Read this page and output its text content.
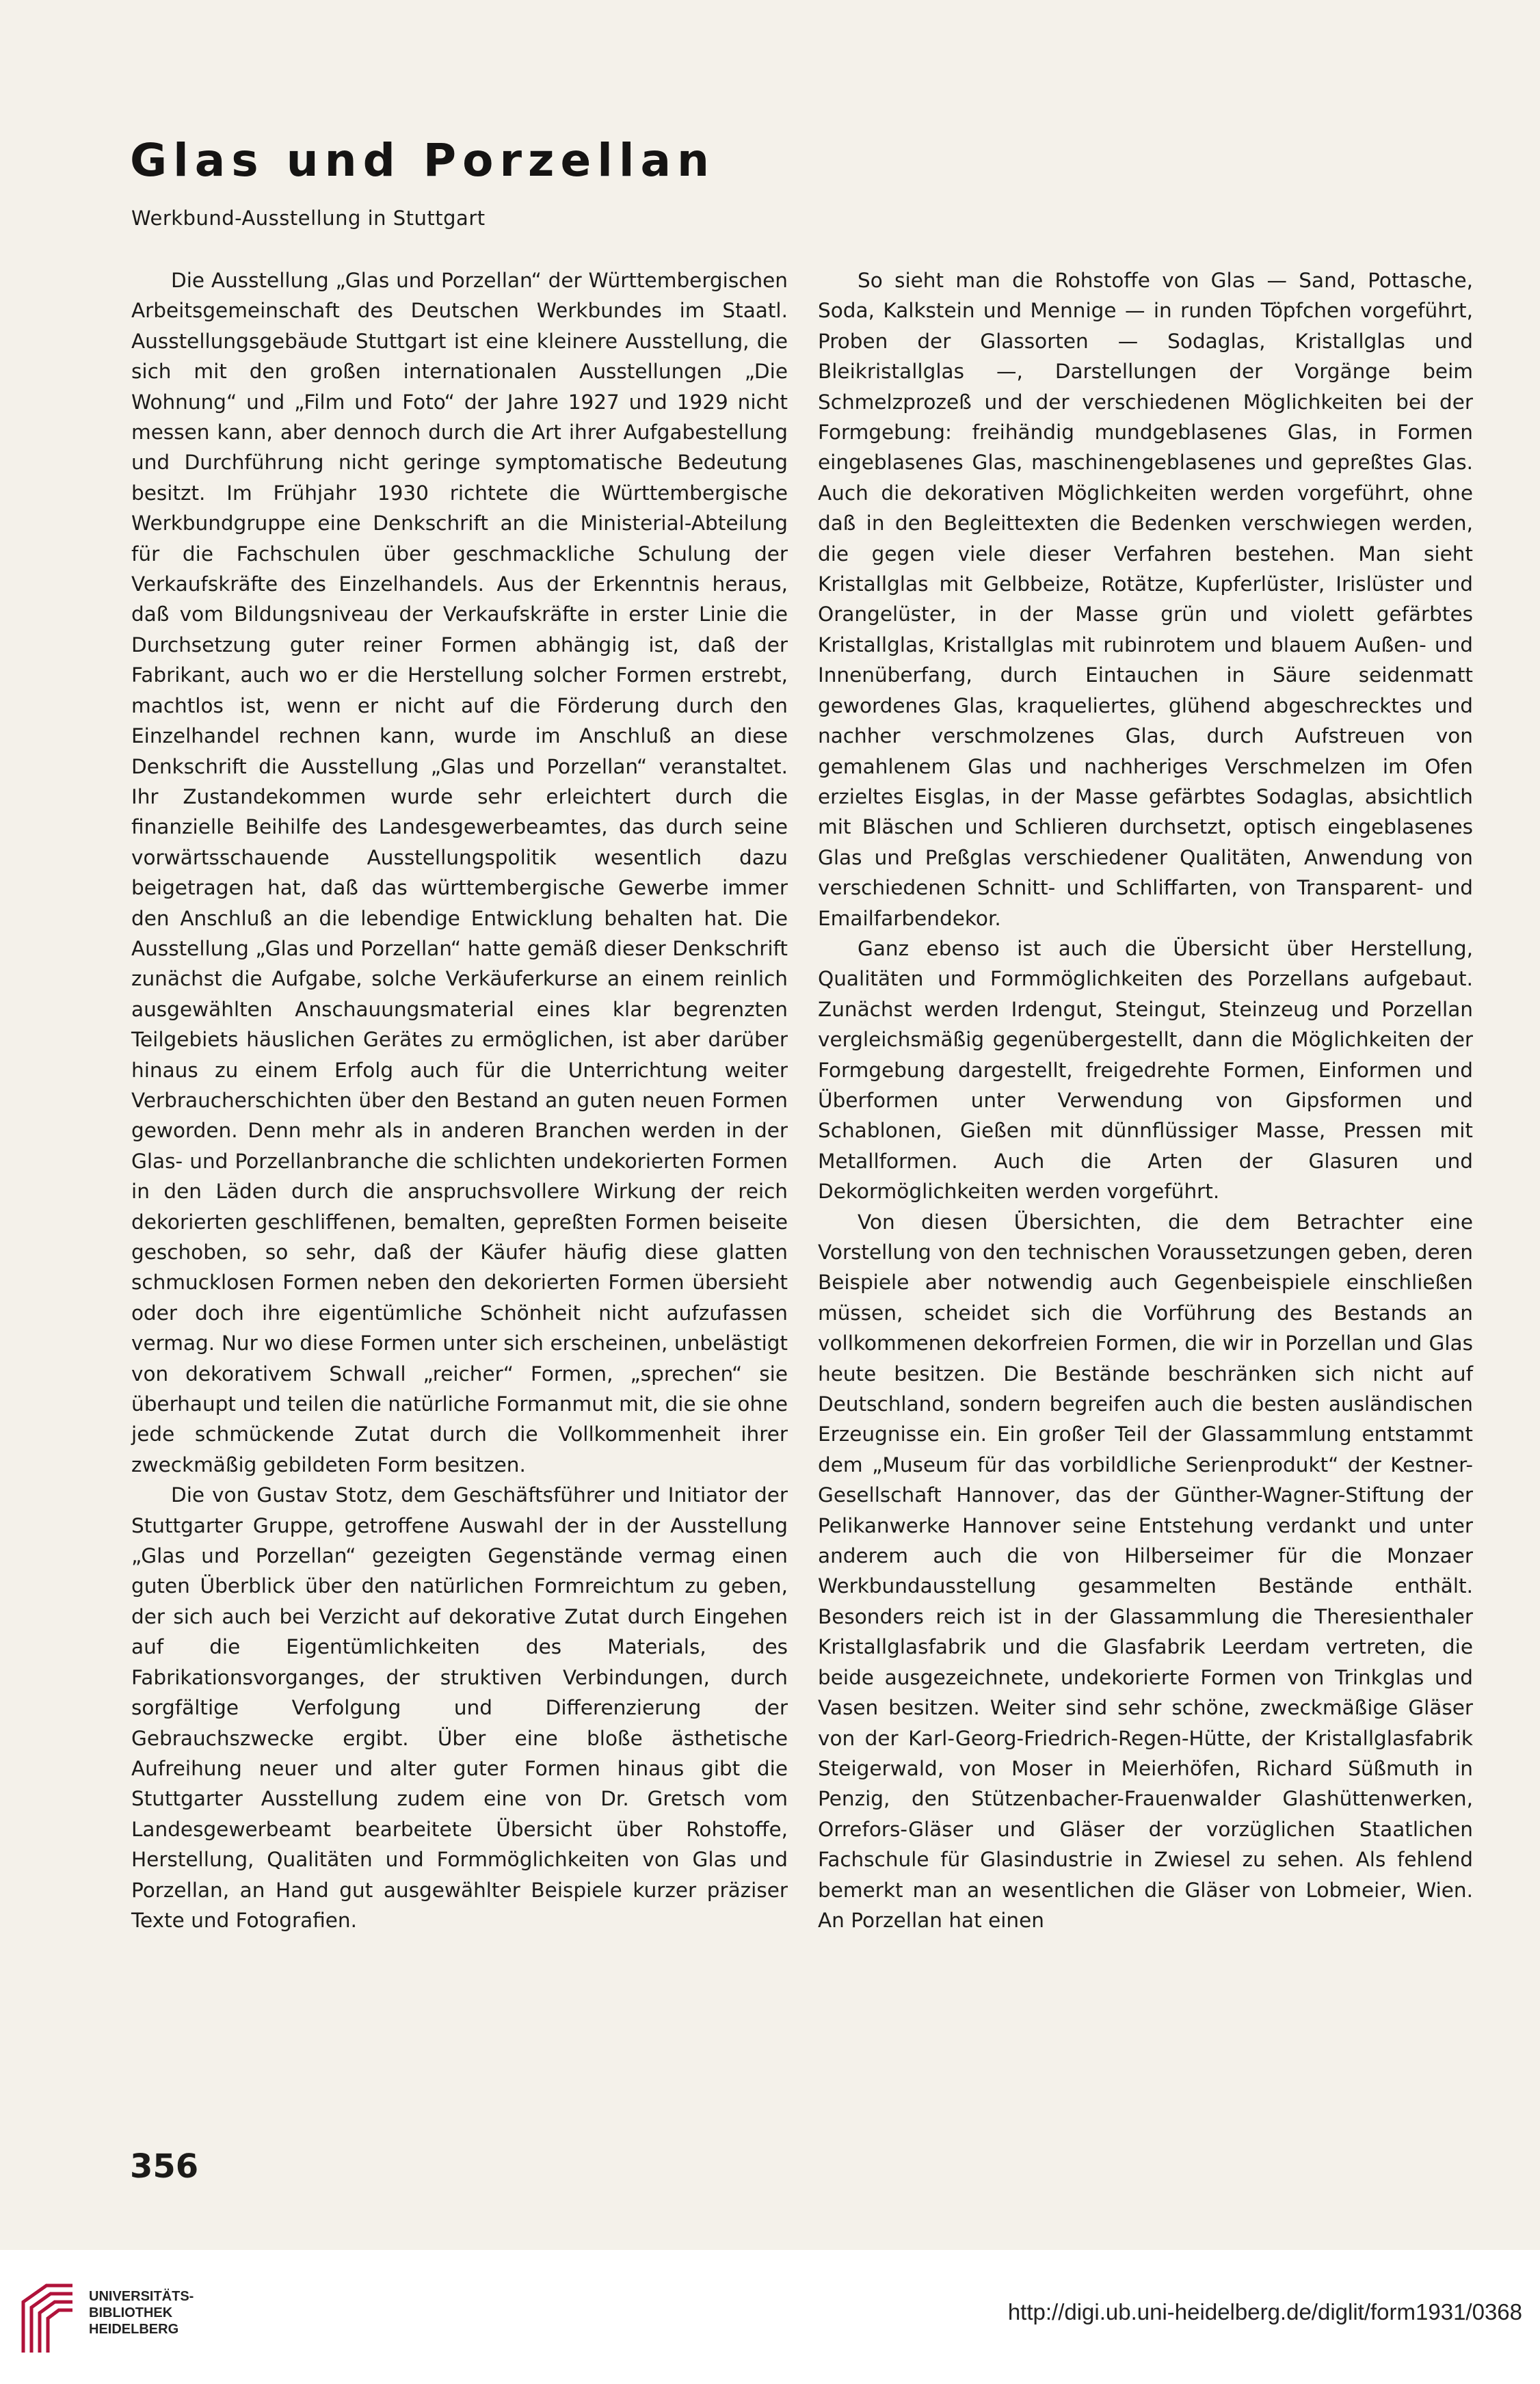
Glas und Porzellan

Werkbund-Ausstellung in Stuttgart

Die Ausstellung „Glas und Porzellan“ der Württembergischen Arbeitsgemeinschaft des Deutschen Werkbundes im Staatl. Ausstellungsgebäude Stuttgart ist eine kleinere Ausstellung, die sich mit den großen internationalen Ausstellungen „Die Wohnung“ und „Film und Foto“ der Jahre 1927 und 1929 nicht messen kann, aber dennoch durch die Art ihrer Aufgabestellung und Durchführung nicht geringe symptomatische Bedeutung besitzt. Im Frühjahr 1930 richtete die Württembergische Werkbundgruppe eine Denkschrift an die Ministerial-Abteilung für die Fachschulen über geschmackliche Schulung der Verkaufskräfte des Einzelhandels. Aus der Erkenntnis heraus, daß vom Bildungsniveau der Verkaufskräfte in erster Linie die Durchsetzung guter reiner Formen abhängig ist, daß der Fabrikant, auch wo er die Herstellung solcher Formen erstrebt, machtlos ist, wenn er nicht auf die Förderung durch den Einzelhandel rechnen kann, wurde im Anschluß an diese Denkschrift die Ausstellung „Glas und Porzellan“ veranstaltet. Ihr Zustandekommen wurde sehr erleichtert durch die finanzielle Beihilfe des Landesgewerbeamtes, das durch seine vorwärtsschauende Ausstellungspolitik wesentlich dazu beigetragen hat, daß das württembergische Gewerbe immer den Anschluß an die lebendige Entwicklung behalten hat. Die Ausstellung „Glas und Porzellan“ hatte gemäß dieser Denkschrift zunächst die Aufgabe, solche Verkäuferkurse an einem reinlich ausgewählten Anschauungsmaterial eines klar begrenzten Teilgebiets häuslichen Gerätes zu ermöglichen, ist aber darüber hinaus zu einem Erfolg auch für die Unterrichtung weiter Verbraucherschichten über den Bestand an guten neuen Formen geworden. Denn mehr als in anderen Branchen werden in der Glas- und Porzellanbranche die schlichten undekorierten Formen in den Läden durch die anspruchsvollere Wirkung der reich dekorierten geschliffenen, bemalten, gepreßten Formen beiseite geschoben, so sehr, daß der Käufer häufig diese glatten schmucklosen Formen neben den dekorierten Formen übersieht oder doch ihre eigentümliche Schönheit nicht aufzufassen vermag. Nur wo diese Formen unter sich erscheinen, unbelästigt von dekorativem Schwall „reicher“ Formen, „sprechen“ sie überhaupt und teilen die natürliche Formanmut mit, die sie ohne jede schmückende Zutat durch die Vollkommenheit ihrer zweckmäßig gebildeten Form besitzen.

Die von Gustav Stotz, dem Geschäftsführer und Initiator der Stuttgarter Gruppe, getroffene Auswahl der in der Ausstellung „Glas und Porzellan“ gezeigten Gegenstände vermag einen guten Überblick über den natürlichen Formreichtum zu geben, der sich auch bei Verzicht auf dekorative Zutat durch Eingehen auf die Eigentümlichkeiten des Materials, des Fabrikationsvorganges, der struktiven Verbindungen, durch sorgfältige Verfolgung und Differenzierung der Gebrauchszwecke ergibt. Über eine bloße ästhetische Aufreihung neuer und alter guter Formen hinaus gibt die Stuttgarter Ausstellung zudem eine von Dr. Gretsch vom Landesgewerbeamt bearbeitete Übersicht über Rohstoffe, Herstellung, Qualitäten und Formmöglichkeiten von Glas und Porzellan, an Hand gut ausgewählter Beispiele kurzer präziser Texte und Fotografien.

So sieht man die Rohstoffe von Glas — Sand, Pottasche, Soda, Kalkstein und Mennige — in runden Töpfchen vorgeführt, Proben der Glassorten — Sodaglas, Kristallglas und Bleikristallglas —, Darstellungen der Vorgänge beim Schmelzprozeß und der verschiedenen Möglichkeiten bei der Formgebung: freihändig mundgeblasenes Glas, in Formen eingeblasenes Glas, maschinengeblasenes und gepreßtes Glas. Auch die dekorativen Möglichkeiten werden vorgeführt, ohne daß in den Begleittexten die Bedenken verschwiegen werden, die gegen viele dieser Verfahren bestehen. Man sieht Kristallglas mit Gelbbeize, Rotätze, Kupferlüster, Irislüster und Orangelüster, in der Masse grün und violett gefärbtes Kristallglas, Kristallglas mit rubinrotem und blauem Außen- und Innenüberfang, durch Eintauchen in Säure seidenmatt gewordenes Glas, kraqueliertes, glühend abgeschrecktes und nachher verschmolzenes Glas, durch Aufstreuen von gemahlenem Glas und nachheriges Verschmelzen im Ofen erzieltes Eisglas, in der Masse gefärbtes Sodaglas, absichtlich mit Bläschen und Schlieren durchsetzt, optisch eingeblasenes Glas und Preßglas verschiedener Qualitäten, Anwendung von verschiedenen Schnitt- und Schliffarten, von Transparent- und Emailfarbendekor.

Ganz ebenso ist auch die Übersicht über Herstellung, Qualitäten und Formmöglichkeiten des Porzellans aufgebaut. Zunächst werden Irdengut, Steingut, Steinzeug und Porzellan vergleichsmäßig gegenübergestellt, dann die Möglichkeiten der Formgebung dargestellt, freigedrehte Formen, Einformen und Überformen unter Verwendung von Gipsformen und Schablonen, Gießen mit dünnflüssiger Masse, Pressen mit Metallformen. Auch die Arten der Glasuren und Dekormöglichkeiten werden vorgeführt.

Von diesen Übersichten, die dem Betrachter eine Vorstellung von den technischen Voraussetzungen geben, deren Beispiele aber notwendig auch Gegenbeispiele einschließen müssen, scheidet sich die Vorführung des Bestands an vollkommenen dekorfreien Formen, die wir in Porzellan und Glas heute besitzen. Die Bestände beschränken sich nicht auf Deutschland, sondern begreifen auch die besten ausländischen Erzeugnisse ein. Ein großer Teil der Glassammlung entstammt dem „Museum für das vorbildliche Serienprodukt“ der Kestner-Gesellschaft Hannover, das der Günther-Wagner-Stiftung der Pelikanwerke Hannover seine Entstehung verdankt und unter anderem auch die von Hilberseimer für die Monzaer Werkbundausstellung gesammelten Bestände enthält. Besonders reich ist in der Glassammlung die Theresienthaler Kristallglasfabrik und die Glasfabrik Leerdam vertreten, die beide ausgezeichnete, undekorierte Formen von Trinkglas und Vasen besitzen. Weiter sind sehr schöne, zweckmäßige Gläser von der Karl-Georg-Friedrich-Regen-Hütte, der Kristallglasfabrik Steigerwald, von Moser in Meierhöfen, Richard Süßmuth in Penzig, den Stützenbacher-Frauenwalder Glashüttenwerken, Orrefors-Gläser und Gläser der vorzüglichen Staatlichen Fachschule für Glasindustrie in Zwiesel zu sehen. Als fehlend bemerkt man an wesentlichen die Gläser von Lobmeier, Wien. An Porzellan hat einen

356

UNIVERSITÄTS-
BIBLIOTHEK
HEIDELBERG
http://digi.ub.uni-heidelberg.de/diglit/form1931/0368
